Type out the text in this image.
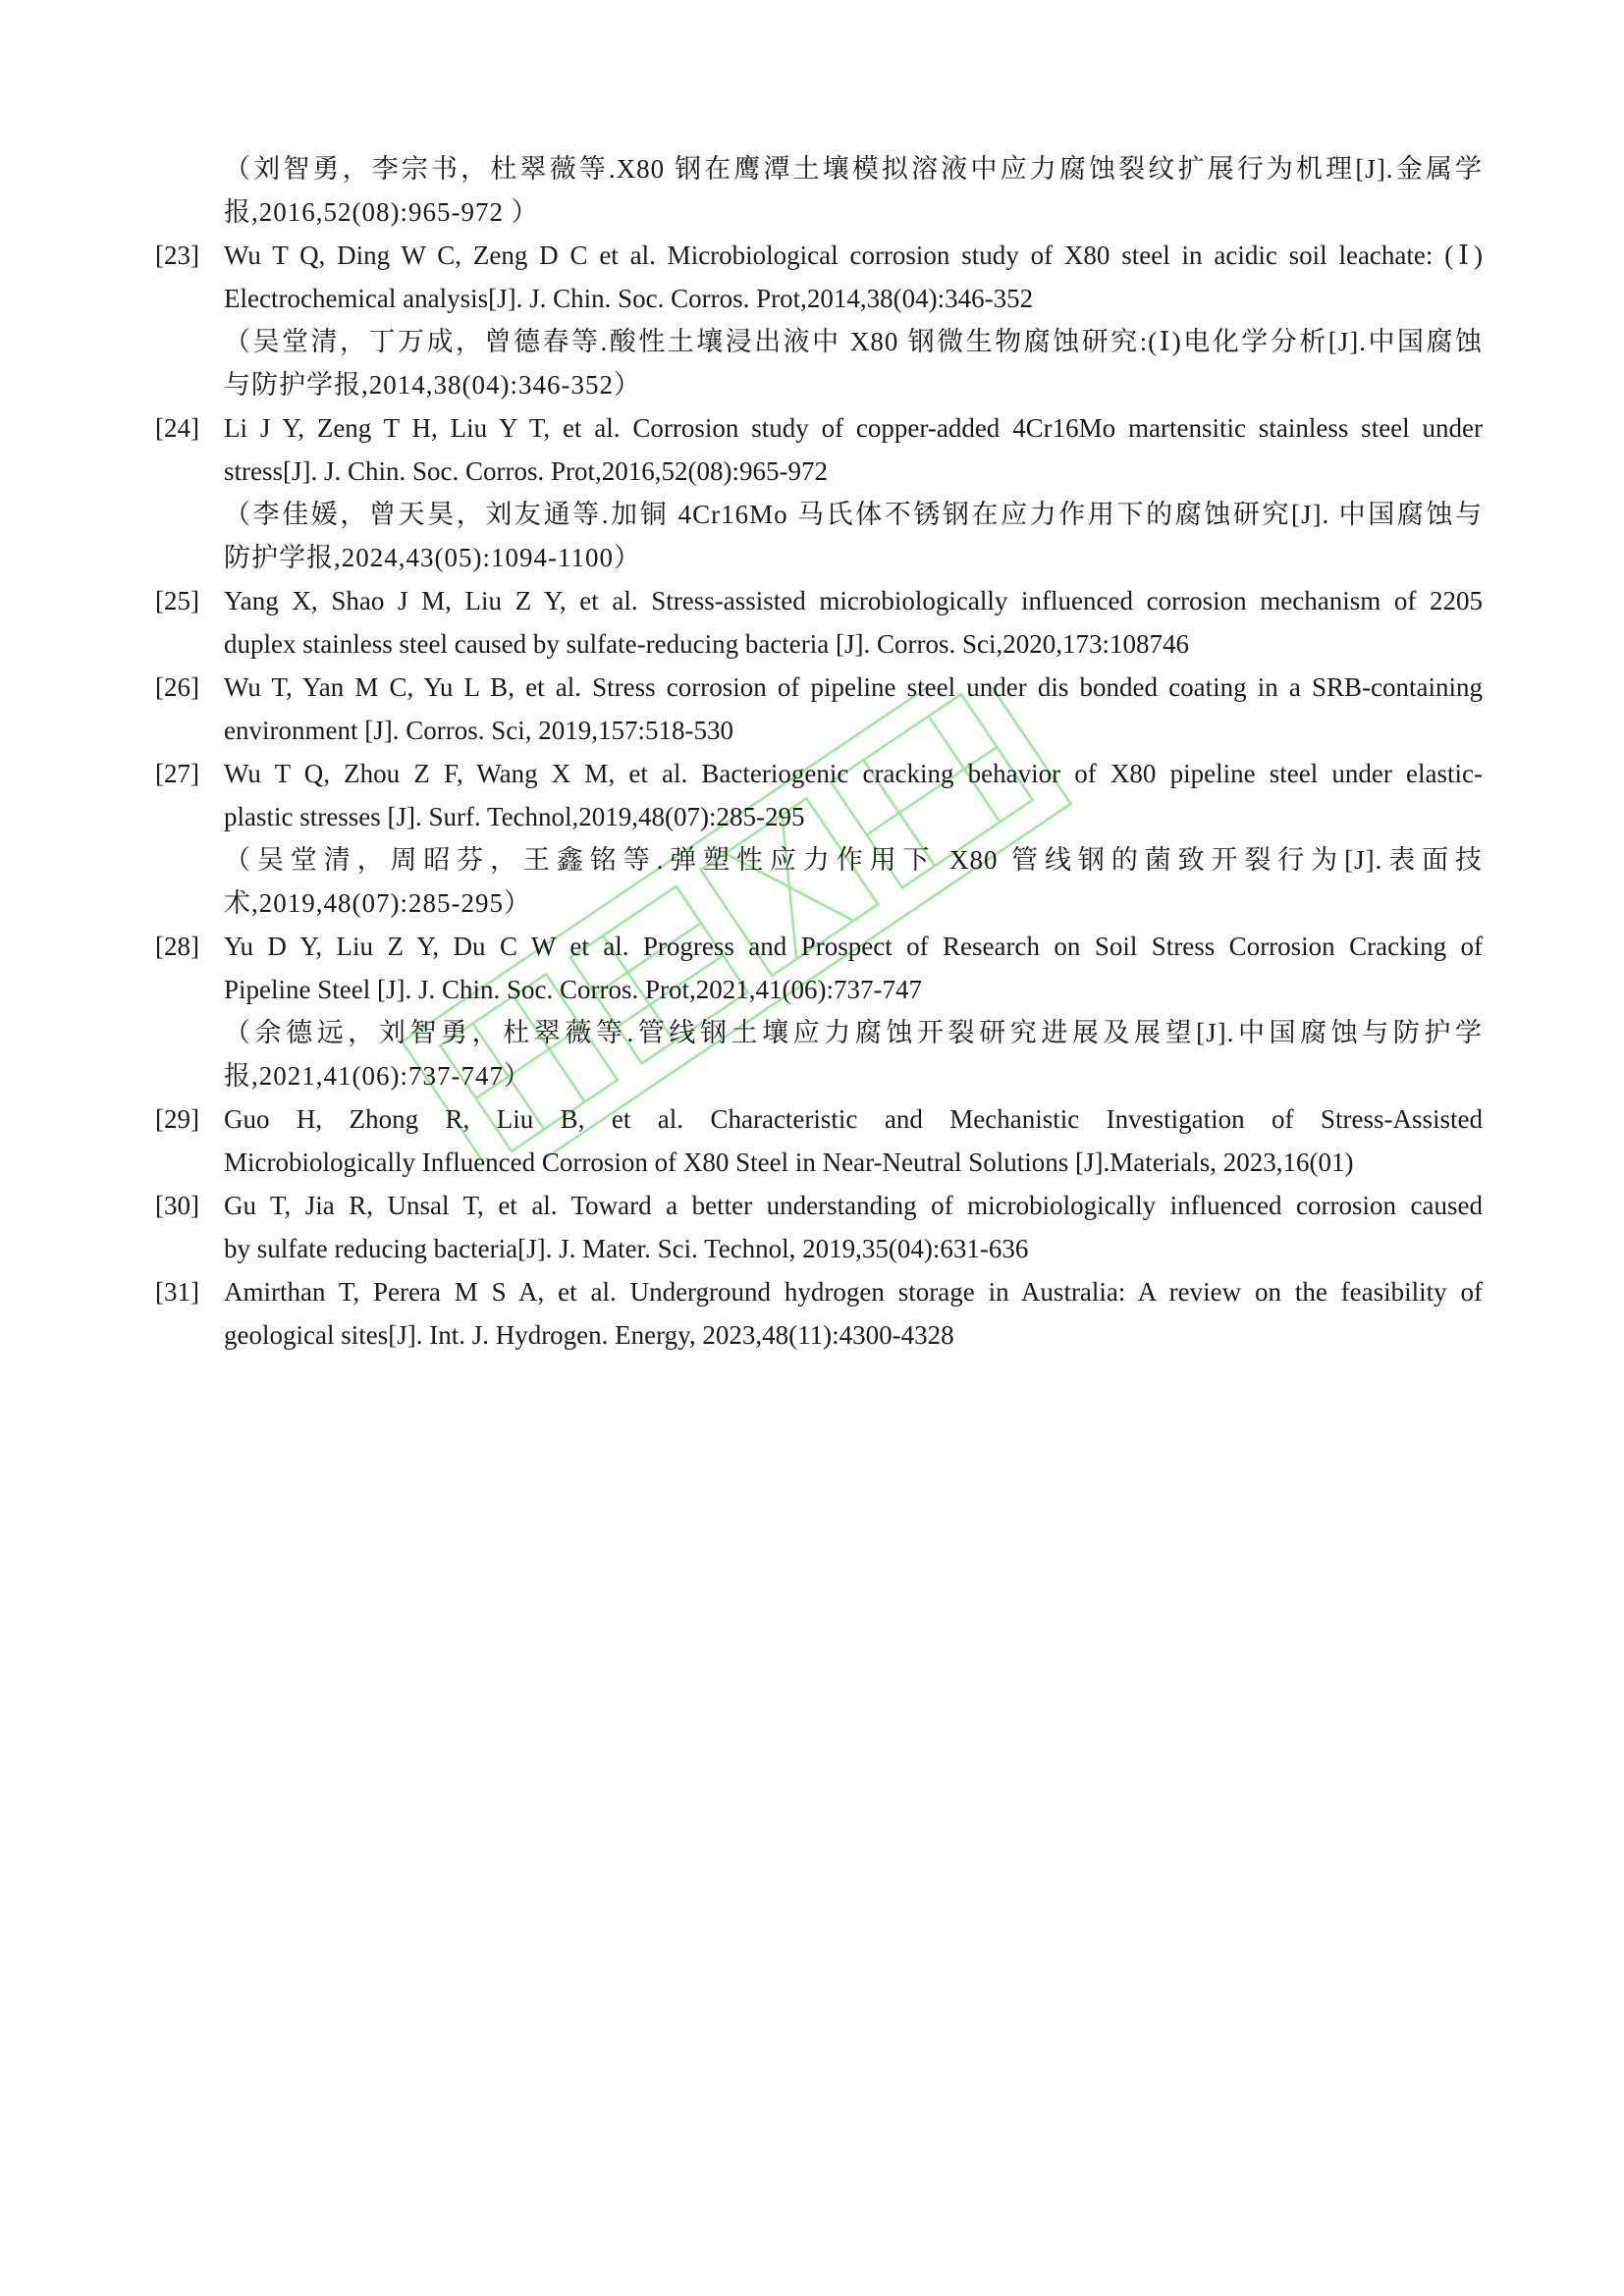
（刘智勇，李宗书，杜翠薇等.X80 钢在鹰潭土壤模拟溶液中应力腐蚀裂纹扩展行为机理[J].金属学
报,2016,52(08):965-972 ）
[23] Wu T Q, Ding W C, Zeng D C et al. Microbiological corrosion study of X80 steel in acidic soil leachate: (Ⅰ)
Electrochemical analysis[J]. J. Chin. Soc. Corros. Prot,2014,38(04):346-352
（吴堂清，丁万成，曾德春等.酸性土壤浸出液中 X80 钢微生物腐蚀研究:(Ⅰ)电化学分析[J].中国腐蚀
与防护学报,2014,38(04):346-352）
[24] Li J Y, Zeng T H, Liu Y T, et al. Corrosion study of copper-added 4Cr16Mo martensitic stainless steel under
stress[J]. J. Chin. Soc. Corros. Prot,2016,52(08):965-972
（李佳媛，曾天昊，刘友通等.加铜 4Cr16Mo 马氏体不锈钢在应力作用下的腐蚀研究[J]. 中国腐蚀与
防护学报,2024,43(05):1094-1100）
[25] Yang X, Shao J M, Liu Z Y, et al. Stress-assisted microbiologically influenced corrosion mechanism of 2205
duplex stainless steel caused by sulfate-reducing bacteria [J]. Corros. Sci,2020,173:108746
[26] Wu T, Yan M C, Yu L B, et al. Stress corrosion of pipeline steel under dis bonded coating in a SRB-containing
environment [J]. Corros. Sci, 2019,157:518-530
[27] Wu T Q, Zhou Z F, Wang X M, et al. Bacteriogenic cracking behavior of X80 pipeline steel under elastic-
plastic stresses [J]. Surf. Technol,2019,48(07):285-295
（吴堂清，周昭芬，王鑫铭等.弹塑性应力作用下 X80 管线钢的菌致开裂行为[J].表面技
术,2019,48(07):285-295）
[28] Yu D Y, Liu Z Y, Du C W et al. Progress and Prospect of Research on Soil Stress Corrosion Cracking of
Pipeline Steel [J]. J. Chin. Soc. Corros. Prot,2021,41(06):737-747
（余德远，刘智勇，杜翠薇等.管线钢土壤应力腐蚀开裂研究进展及展望[J].中国腐蚀与防护学
报,2021,41(06):737-747）
[29] Guo H, Zhong R, Liu B, et al. Characteristic and Mechanistic Investigation of Stress-Assisted
Microbiologically Influenced Corrosion of X80 Steel in Near-Neutral Solutions [J].Materials, 2023,16(01)
[30] Gu T, Jia R, Unsal T, et al. Toward a better understanding of microbiologically influenced corrosion caused
by sulfate reducing bacteria[J]. J. Mater. Sci. Technol, 2019,35(04):631-636
[31] Amirthan T, Perera M S A, et al. Underground hydrogen storage in Australia: A review on the feasibility of
geological sites[J]. Int. J. Hydrogen. Energy, 2023,48(11):4300-4328
